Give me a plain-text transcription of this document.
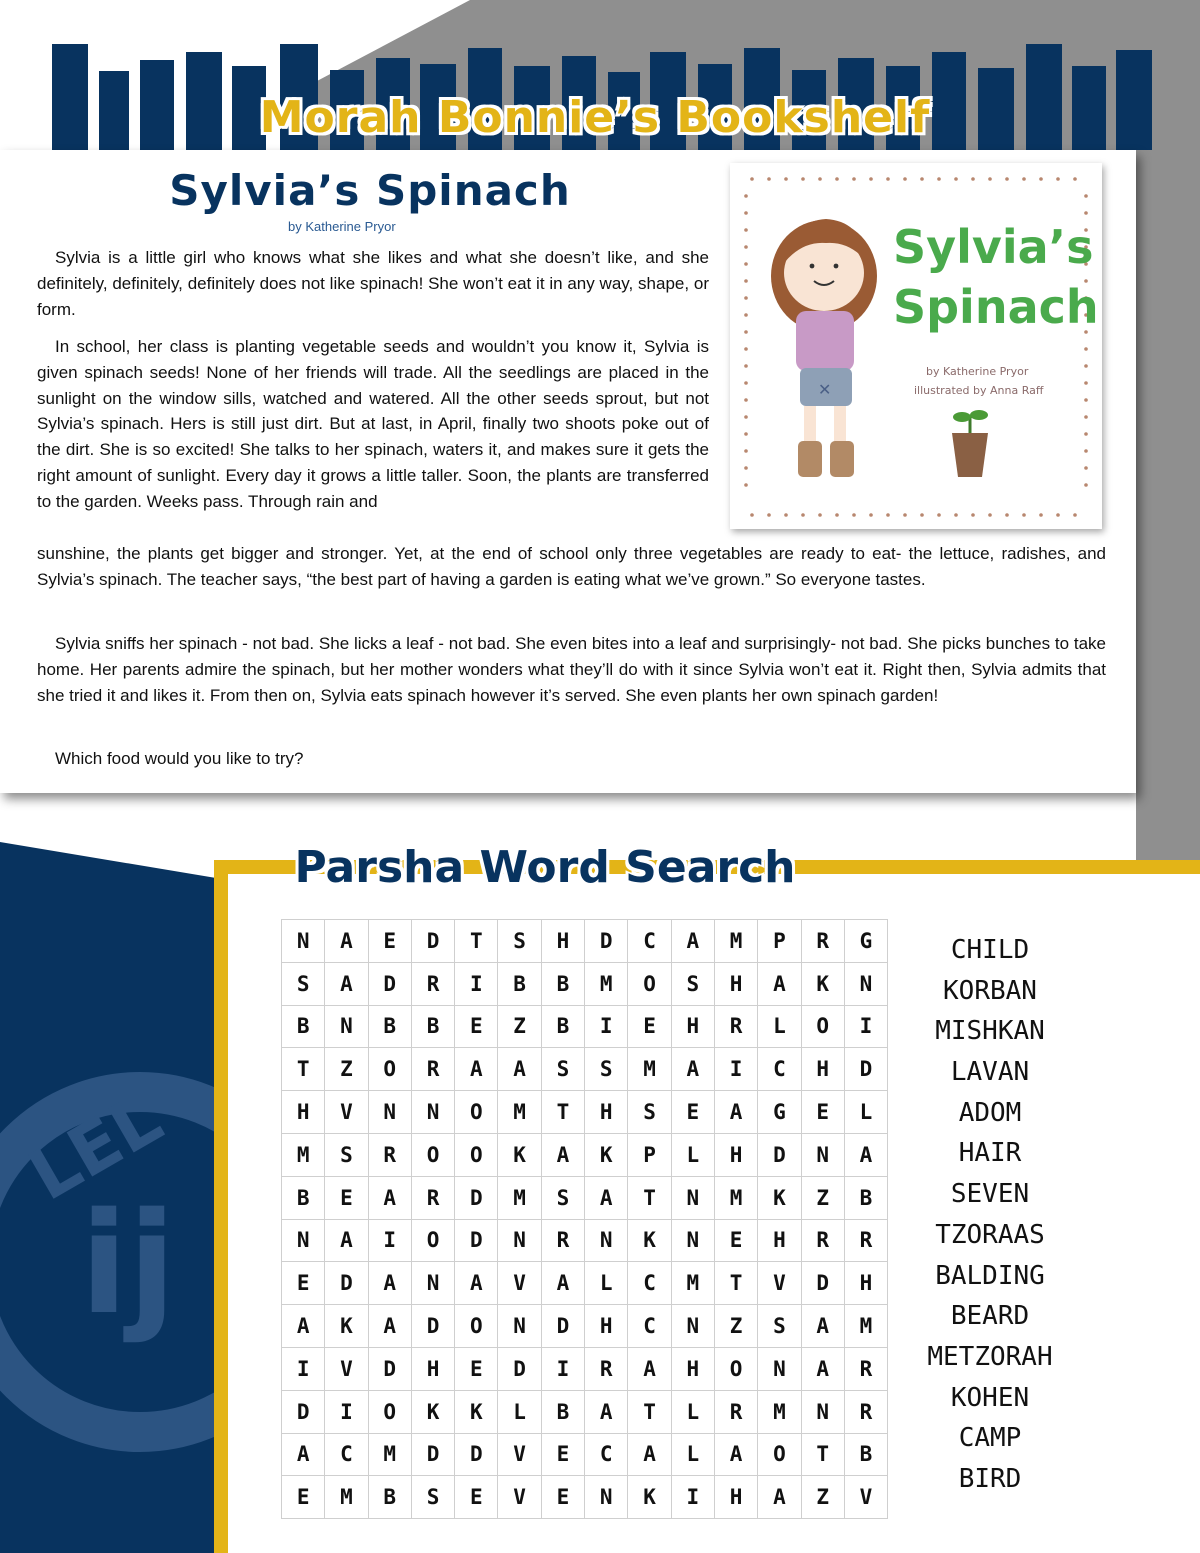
Morah Bonnie’s Bookshelf
Sylvia’s Spinach
by Katherine Pryor
Sylvia is a little girl who knows what she likes and what she doesn’t like, and she definitely, definitely, definitely does not like spinach! She won’t eat it in any way, shape, or form.
In school, her class is planting vegetable seeds and wouldn’t you know it, Sylvia is given spinach seeds! None of her friends will trade. All the seedlings are placed in the sunlight on the window sills, watched and watered. All the other seeds sprout, but not Sylvia’s spinach. Hers is still just dirt. But at last, in April, finally two shoots poke out of the dirt. She is so excited! She talks to her spinach, waters it, and makes sure it gets the right amount of sunlight. Every day it grows a little taller. Soon, the plants are transferred to the garden. Weeks pass. Through rain and
sunshine, the plants get bigger and stronger. Yet, at the end of school only three vegetables are ready to eat- the lettuce, radishes, and Sylvia’s spinach. The teacher says, “the best part of having a garden is eating what we’ve grown.” So everyone tastes.
Sylvia sniffs her spinach - not bad. She licks a leaf - not bad. She even bites into a leaf and surprisingly- not bad. She picks bunches to take home. Her parents admire the spinach, but her mother wonders what they’ll do with it since Sylvia won’t eat it. Right then, Sylvia admits that she tried it and likes it. From then on, Sylvia eats spinach however it’s served. She even plants her own spinach garden!
Which food would you like to try?
✕
Sylvia’s
Spinach
by Katherine Pryor
illustrated by Anna Raff
LEL
ij
Parsha Word Search
N	A	E	D	T	S	H	D	C	A	M	P	R	G
S	A	D	R	I	B	B	M	O	S	H	A	K	N
B	N	B	B	E	Z	B	I	E	H	R	L	O	I
T	Z	O	R	A	A	S	S	M	A	I	C	H	D
H	V	N	N	O	M	T	H	S	E	A	G	E	L
M	S	R	O	O	K	A	K	P	L	H	D	N	A
B	E	A	R	D	M	S	A	T	N	M	K	Z	B
N	A	I	O	D	N	R	N	K	N	E	H	R	R
E	D	A	N	A	V	A	L	C	M	T	V	D	H
A	K	A	D	O	N	D	H	C	N	Z	S	A	M
I	V	D	H	E	D	I	R	A	H	O	N	A	R
D	I	O	K	K	L	B	A	T	L	R	M	N	R
A	C	M	D	D	V	E	C	A	L	A	O	T	B
E	M	B	S	E	V	E	N	K	I	H	A	Z	V
CHILD
KORBAN
MISHKAN
LAVAN
ADOM
HAIR
SEVEN
TZORAAS
BALDING
BEARD
METZORAH
KOHEN
CAMP
BIRD
